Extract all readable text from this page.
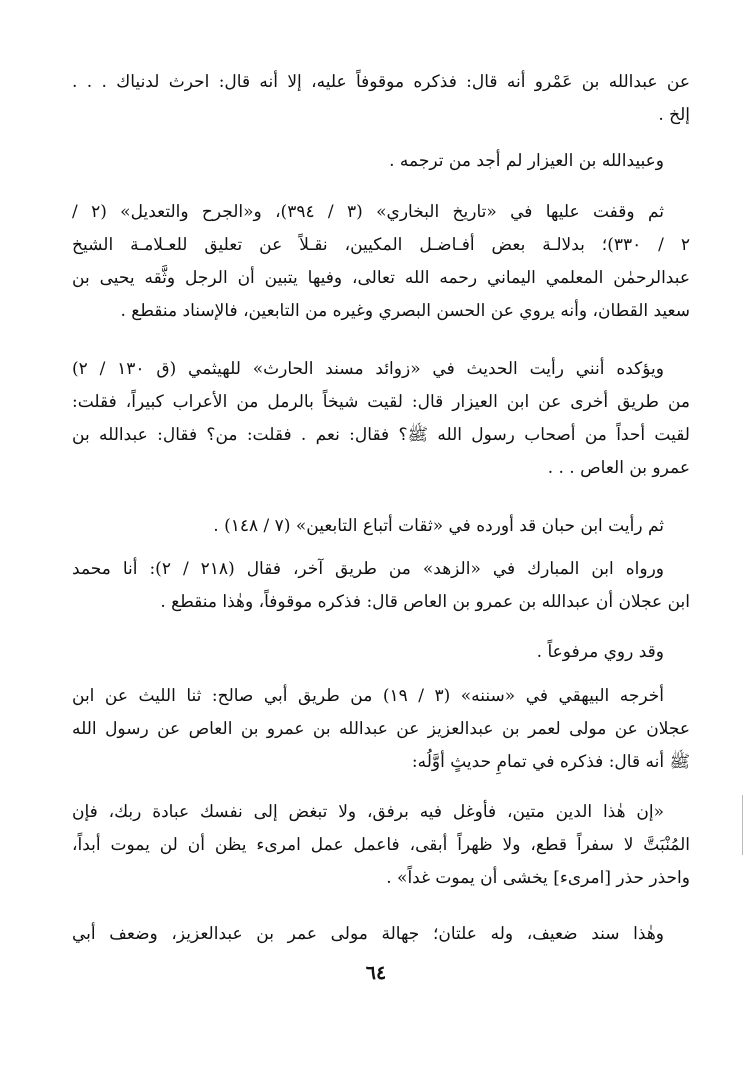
عن عبدالله بن عَمْرو أنه قال: فذكره موقوفاً عليه، إلا أنه قال: احرث لدنياك . . .
إلخ .
وعبيدالله بن العيزار لم أجد من ترجمه .
ثم وقفت عليها في «تاريخ البخاري» (٣ / ٣٩٤)، و«الجرح والتعديل» (٢ /
٢ / ٣٣٠)؛ بدلالـة بعض أفـاضـل المكيين، نقـلاً عن تعليق للعـلامـة الشيخ
عبدالرحمٰن المعلمي اليماني رحمه الله تعالى، وفيها يتبين أن الرجل وثَّقه يحيى بن
سعيد القطان، وأنه يروي عن الحسن البصري وغيره من التابعين، فالإسناد منقطع .
ويؤكده أنني رأيت الحديث في «زوائد مسند الحارث» للهيثمي (ق ١٣٠ / ٢)
من طريق أخرى عن ابن العيزار قال: لقيت شيخاً بالرمل من الأعراب كبيراً، فقلت:
لقيت أحداً من أصحاب رسول الله ﷺ؟ فقال: نعم . فقلت: من؟ فقال: عبدالله بن
عمرو بن العاص . . .
ثم رأيت ابن حبان قد أورده في «ثقات أتباع التابعين» (٧ / ١٤٨) .
ورواه ابن المبارك في «الزهد» من طريق آخر، فقال (٢١٨ / ٢): أنا محمد
ابن عجلان أن عبدالله بن عمرو بن العاص قال: فذكره موقوفاً، وهٰذا منقطع .
وقد روي مرفوعاً .
أخرجه البيهقي في «سننه» (٣ / ١٩) من طريق أبي صالح: ثنا الليث عن ابن
عجلان عن مولى لعمر بن عبدالعزيز عن عبدالله بن عمرو بن العاص عن رسول الله
ﷺ أنه قال: فذكره في تمامِ حديثٍ أوَّلُه:
«إن هٰذا الدين متين، فأوغل فيه برفق، ولا تبغض إلى نفسك عبادة ربك، فإن
المُنْبَتَّ لا سفراً قطع، ولا ظهراً أبقى، فاعمل عمل امرىء يظن أن لن يموت أبداً،
واحذر حذر [امرىء] يخشى أن يموت غداً» .
وهٰذا سند ضعيف، وله علتان؛ جهالة مولى عمر بن عبدالعزيز، وضعف أبي
٦٤
